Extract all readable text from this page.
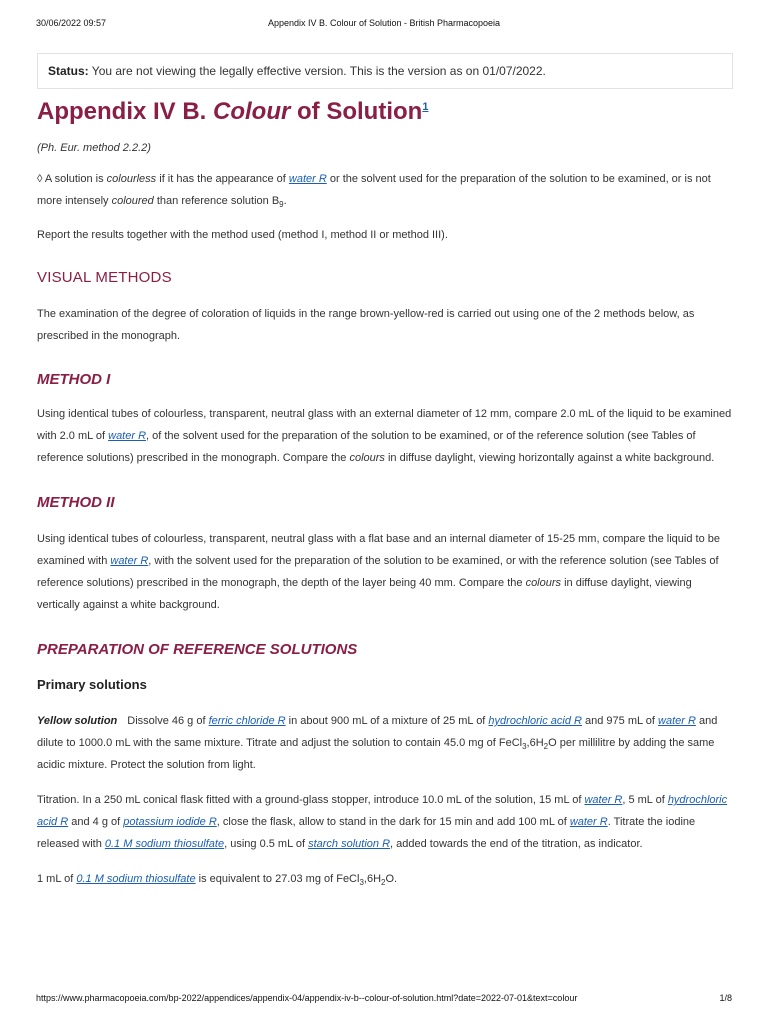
30/06/2022 09:57	Appendix IV B. Colour of Solution - British Pharmacopoeia
Status: You are not viewing the legally effective version. This is the version as on 01/07/2022.
Appendix IV B. Colour of Solution$^1$

(Ph. Eur. method 2.2.2)

◊ A solution is colourless if it has the appearance of water R or the solvent used for the preparation of the solution to be examined, or is not more intensely coloured than reference solution $B_9$.

Report the results together with the method used (method I, method II or method III).

VISUAL METHODS

The examination of the degree of coloration of liquids in the range brown-yellow-red is carried out using one of the 2 methods below, as prescribed in the monograph.

METHOD I

Using identical tubes of colourless, transparent, neutral glass with an external diameter of 12 mm, compare 2.0 mL of the liquid to be examined with 2.0 mL of water R, of the solvent used for the preparation of the solution to be examined, or of the reference solution (see Tables of reference solutions) prescribed in the monograph. Compare the colours in diffuse daylight, viewing horizontally against a white background.

METHOD II

Using identical tubes of colourless, transparent, neutral glass with a flat base and an internal diameter of 15-25 mm, compare the liquid to be examined with water R, with the solvent used for the preparation of the solution to be examined, or with the reference solution (see Tables of reference solutions) prescribed in the monograph, the depth of the layer being 40 mm. Compare the colours in diffuse daylight, viewing vertically against a white background.

PREPARATION OF REFERENCE SOLUTIONS
Primary solutions

Yellow solution Dissolve 46 g of ferric chloride R in about 900 mL of a mixture of 25 mL of hydrochloric acid R and 975 mL of water R and dilute to 1000.0 mL with the same mixture. Titrate and adjust the solution to contain 45.0 mg of $FeCl_3,6H_2O$ per millilitre by adding the same acidic mixture. Protect the solution from light.

Titration. In a 250 mL conical flask fitted with a ground-glass stopper, introduce 10.0 mL of the solution, 15 mL of water R, 5 mL of hydrochloric acid R and 4 g of potassium iodide R, close the flask, allow to stand in the dark for 15 min and add 100 mL of water R. Titrate the iodine released with 0.1 M sodium thiosulfate, using 0.5 mL of starch solution R, added towards the end of the titration, as indicator.

1 mL of 0.1 M sodium thiosulfate is equivalent to 27.03 mg of $FeCl_3,6H_2O$.

https://www.pharmacopoeia.com/bp-2022/appendices/appendix-04/appendix-iv-b--colour-of-solution.html?date=2022-07-01&text=colour	1/8
